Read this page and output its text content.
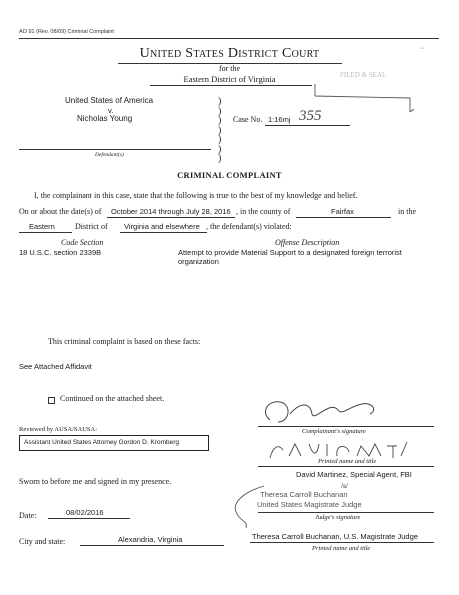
AO 91 (Rev. 08/09) Criminal Complaint
~
United States District Court
for the
Eastern District of Virginia	FILED & SEAL
United States of America
v.
Nicholas Young
)
)
)
)
)
)
)
Defendant(s)
Case No. 1:16mj 355
CRIMINAL COMPLAINT
I, the complainant in this case, state that the following is true to the best of my knowledge and belief.
On or about the date(s) of October 2014 through July 28, 2016 , in the county of	Fairfax	in the
Eastern	District of Virginia and elsewhere , the defendant(s) violated:
Code Section	Offense Description
18 U.S.C. section 2339B	Attempt to provide Material Support to a designated foreign terrorist
organization
This criminal complaint is based on these facts:
See Attached Affidavit
Continued on the attached sheet.
Reviewed by AUSA/SAUSA:
Assistant United States Attorney Gordon D. Kromberg
Complainant's signature
David Martinez, Special Agent, FBI
Printed name and title
Sworn to before me and signed in my presence.	/s/
Theresa Carroll Buchanan
United States Magistrate Judge
Judge's signature
Date:	08/02/2016
City and state:	Alexandria, Virginia	Theresa Carroll Buchanan, U.S. Magistrate Judge
Printed name and title
